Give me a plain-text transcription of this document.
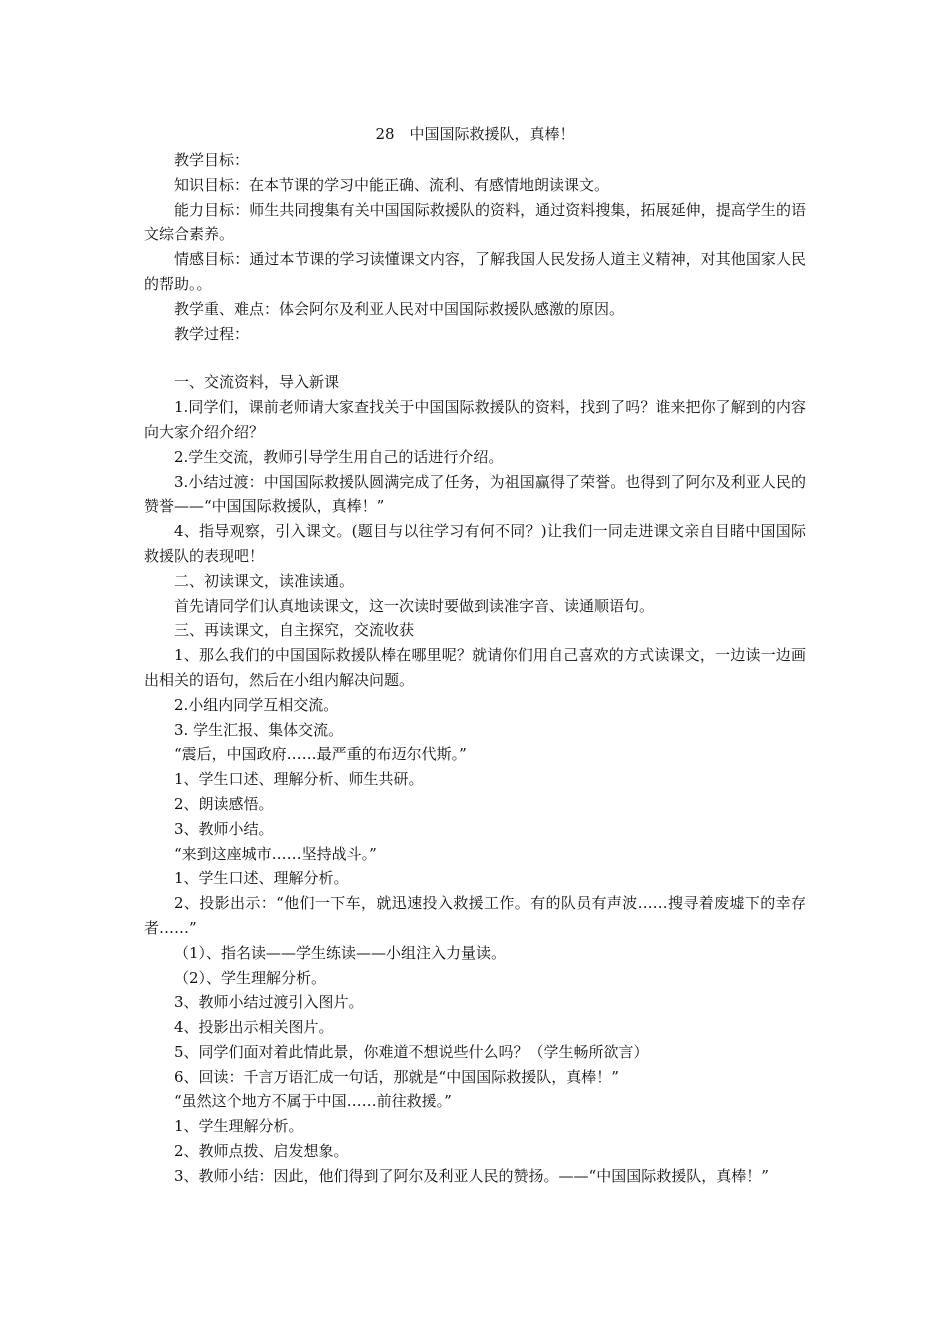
28　中国国际救援队，真棒！

教学目标：

知识目标：在本节课的学习中能正确、流利、有感情地朗读课文。

能力目标：师生共同搜集有关中国国际救援队的资料，通过资料搜集，拓展延伸，提高学生的语文综合素养。

情感目标：通过本节课的学习读懂课文内容，了解我国人民发扬人道主义精神，对其他国家人民的帮助。。

教学重、难点：体会阿尔及利亚人民对中国国际救援队感激的原因。

教学过程：

一、交流资料，导入新课

1.同学们，课前老师请大家查找关于中国国际救援队的资料，找到了吗？谁来把你了解到的内容向大家介绍介绍？

2.学生交流，教师引导学生用自己的话进行介绍。

3.小结过渡：中国国际救援队圆满完成了任务，为祖国赢得了荣誉。也得到了阿尔及利亚人民的赞誉——“中国国际救援队，真棒！”

4、指导观察，引入课文。(题目与以往学习有何不同？)让我们一同走进课文亲自目睹中国国际救援队的表现吧！

二、初读课文，读准读通。

首先请同学们认真地读课文，这一次读时要做到读准字音、读通顺语句。

三、再读课文，自主探究，交流收获

1、那么我们的中国国际救援队棒在哪里呢？就请你们用自己喜欢的方式读课文，一边读一边画出相关的语句，然后在小组内解决问题。

2.小组内同学互相交流。

3. 学生汇报、集体交流。

“震后，中国政府……最严重的布迈尔代斯。”

1、学生口述、理解分析、师生共研。

2、朗读感悟。

3、教师小结。

“来到这座城市……坚持战斗。”

1、学生口述、理解分析。

2、投影出示：“他们一下车，就迅速投入救援工作。有的队员有声波……搜寻着废墟下的幸存者……”

（1）、指名读——学生练读——小组注入力量读。

（2）、学生理解分析。

3、教师小结过渡引入图片。

4、投影出示相关图片。

5、同学们面对着此情此景，你难道不想说些什么吗？（学生畅所欲言）

6、回读：千言万语汇成一句话，那就是“中国国际救援队，真棒！”

“虽然这个地方不属于中国……前往救援。”

1、学生理解分析。

2、教师点拨、启发想象。

3、教师小结：因此，他们得到了阿尔及利亚人民的赞扬。——“中国国际救援队，真棒！”
